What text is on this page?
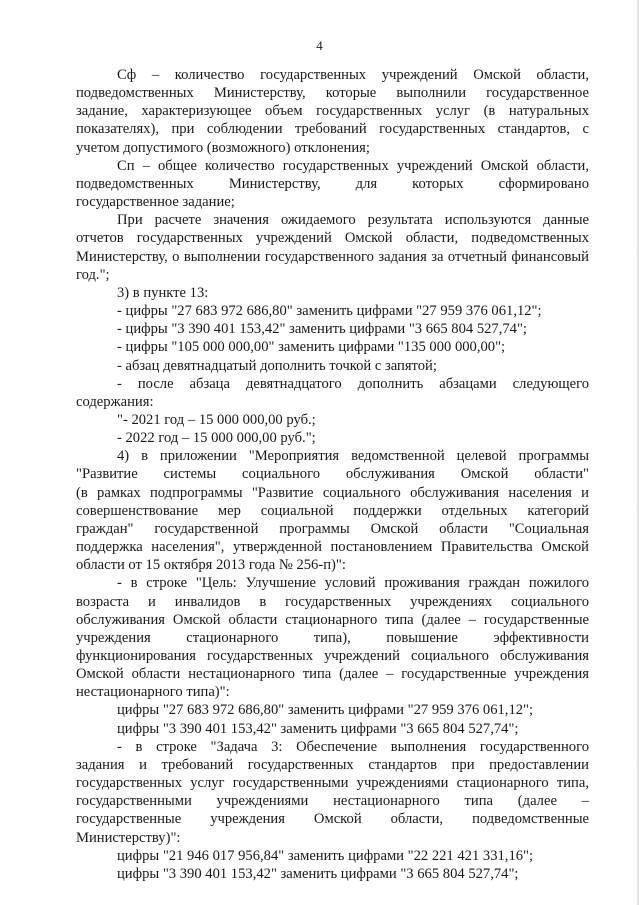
4
Сф – количество государственных учреждений Омской области,
подведомственных Министерству, которые выполнили государственное
задание, характеризующее объем государственных услуг (в натуральных
показателях), при соблюдении требований государственных стандартов, с
учетом допустимого (возможного) отклонения;
Сп – общее количество государственных учреждений Омской области,
подведомственных Министерству, для которых сформировано
государственное задание;
При расчете значения ожидаемого результата используются данные
отчетов государственных учреждений Омской области, подведомственных
Министерству, о выполнении государственного задания за отчетный финансовый
год.";
3) в пункте 13:
- цифры "27 683 972 686,80" заменить цифрами "27 959 376 061,12";
- цифры "3 390 401 153,42" заменить цифрами "3 665 804 527,74";
- цифры "105 000 000,00" заменить цифрами "135 000 000,00";
- абзац девятнадцатый дополнить точкой с запятой;
- после абзаца девятнадцатого дополнить абзацами следующего
содержания:
"- 2021 год – 15 000 000,00 руб.;
- 2022 год – 15 000 000,00 руб.";
4) в приложении "Мероприятия ведомственной целевой программы
"Развитие системы социального обслуживания Омской области"
(в рамках подпрограммы "Развитие социального обслуживания населения и
совершенствование мер социальной поддержки отдельных категорий
граждан" государственной программы Омской области "Социальная
поддержка населения", утвержденной постановлением Правительства Омской
области от 15 октября 2013 года № 256-п)":
- в строке "Цель: Улучшение условий проживания граждан пожилого
возраста и инвалидов в государственных учреждениях социального
обслуживания Омской области стационарного типа (далее – государственные
учреждения стационарного типа), повышение эффективности
функционирования государственных учреждений социального обслуживания
Омской области нестационарного типа (далее – государственные учреждения
нестационарного типа)":
цифры "27 683 972 686,80" заменить цифрами "27 959 376 061,12";
цифры "3 390 401 153,42" заменить цифрами "3 665 804 527,74";
- в строке "Задача 3: Обеспечение выполнения государственного
задания и требований государственных стандартов при предоставлении
государственных услуг государственными учреждениями стационарного типа,
государственными учреждениями нестационарного типа (далее –
государственные учреждения Омской области, подведомственные
Министерству)":
цифры "21 946 017 956,84" заменить цифрами "22 221 421 331,16";
цифры "3 390 401 153,42" заменить цифрами "3 665 804 527,74";
